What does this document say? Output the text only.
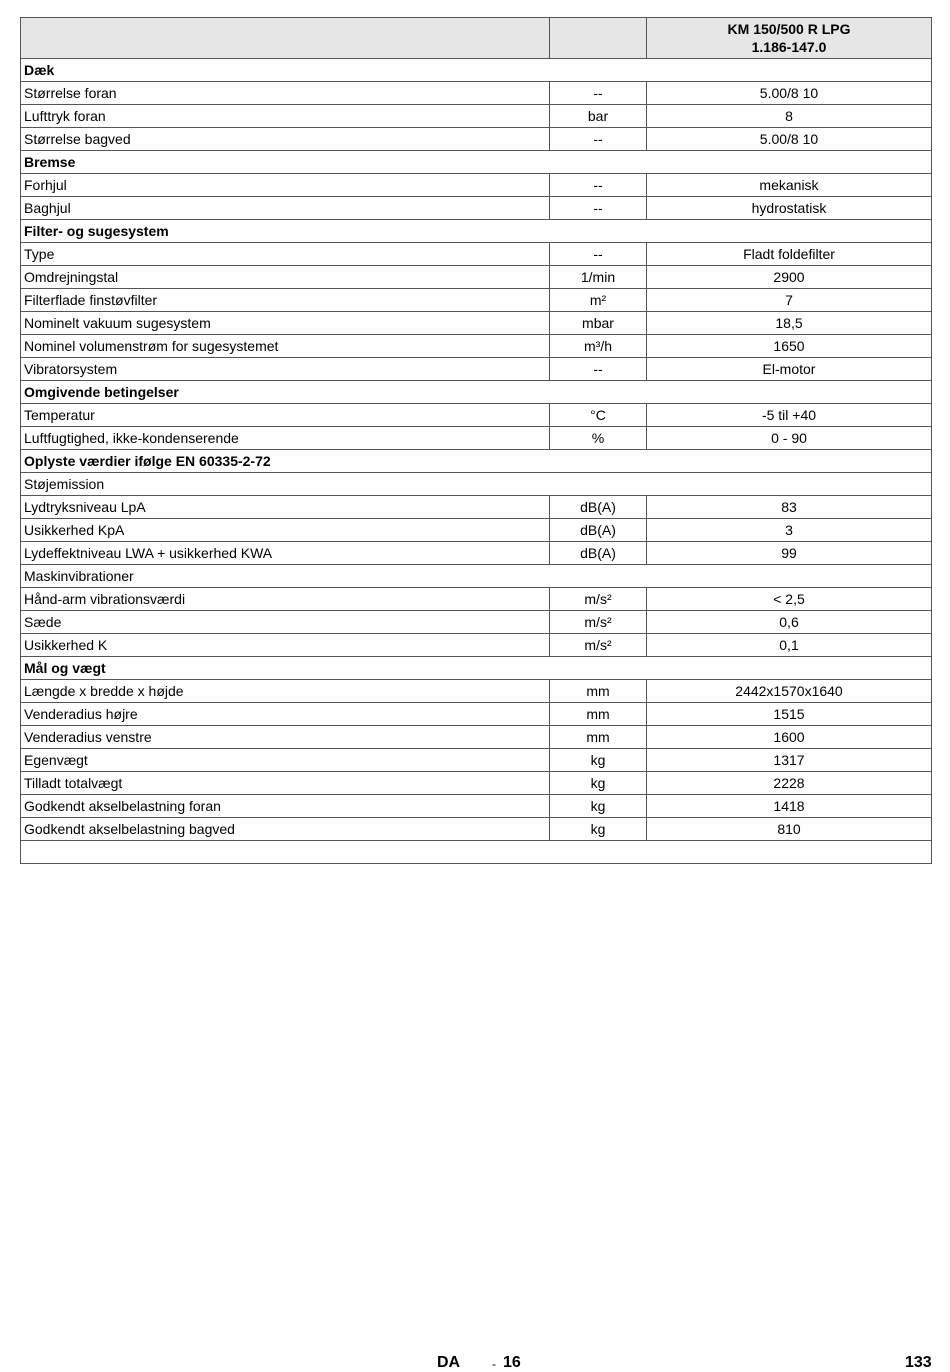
		KM 150/500 R LPG
1.186-147.0

Dæk		
Størrelse foran	--	5.00/8 10
Lufttryk foran	bar	8
Størrelse bagved	--	5.00/8 10
Bremse		
Forhjul	--	mekanisk
Baghjul	--	hydrostatisk
Filter- og sugesystem		
Type	--	Fladt foldefilter
Omdrejningstal	1/min	2900
Filterflade finstøvfilter	m²	7
Nominelt vakuum sugesystem	mbar	18,5
Nominel volumenstrøm for sugesystemet	m³/h	1650
Vibratorsystem	--	El-motor
Omgivende betingelser		
Temperatur	°C	-5 til +40
Luftfugtighed, ikke-kondenserende	%	0 - 90
Oplyste værdier ifølge EN 60335-2-72		
Støjemission		
Lydtryksniveau LpA	dB(A)	83
Usikkerhed KpA	dB(A)	3
Lydeffektniveau LWA + usikkerhed KWA	dB(A)	99
Maskinvibrationer		
Hånd-arm vibrationsværdi	m/s²	< 2,5
Sæde	m/s²	0,6
Usikkerhed K	m/s²	0,1
Mål og vægt		
Længde x bredde x højde	mm	2442x1570x1640
Venderadius højre	mm	1515
Venderadius venstre	mm	1600
Egenvægt	kg	1317
Tilladt totalvægt	kg	2228
Godkendt akselbelastning foran	kg	1418
Godkendt akselbelastning bagved	kg	810

DA	- 16	133
